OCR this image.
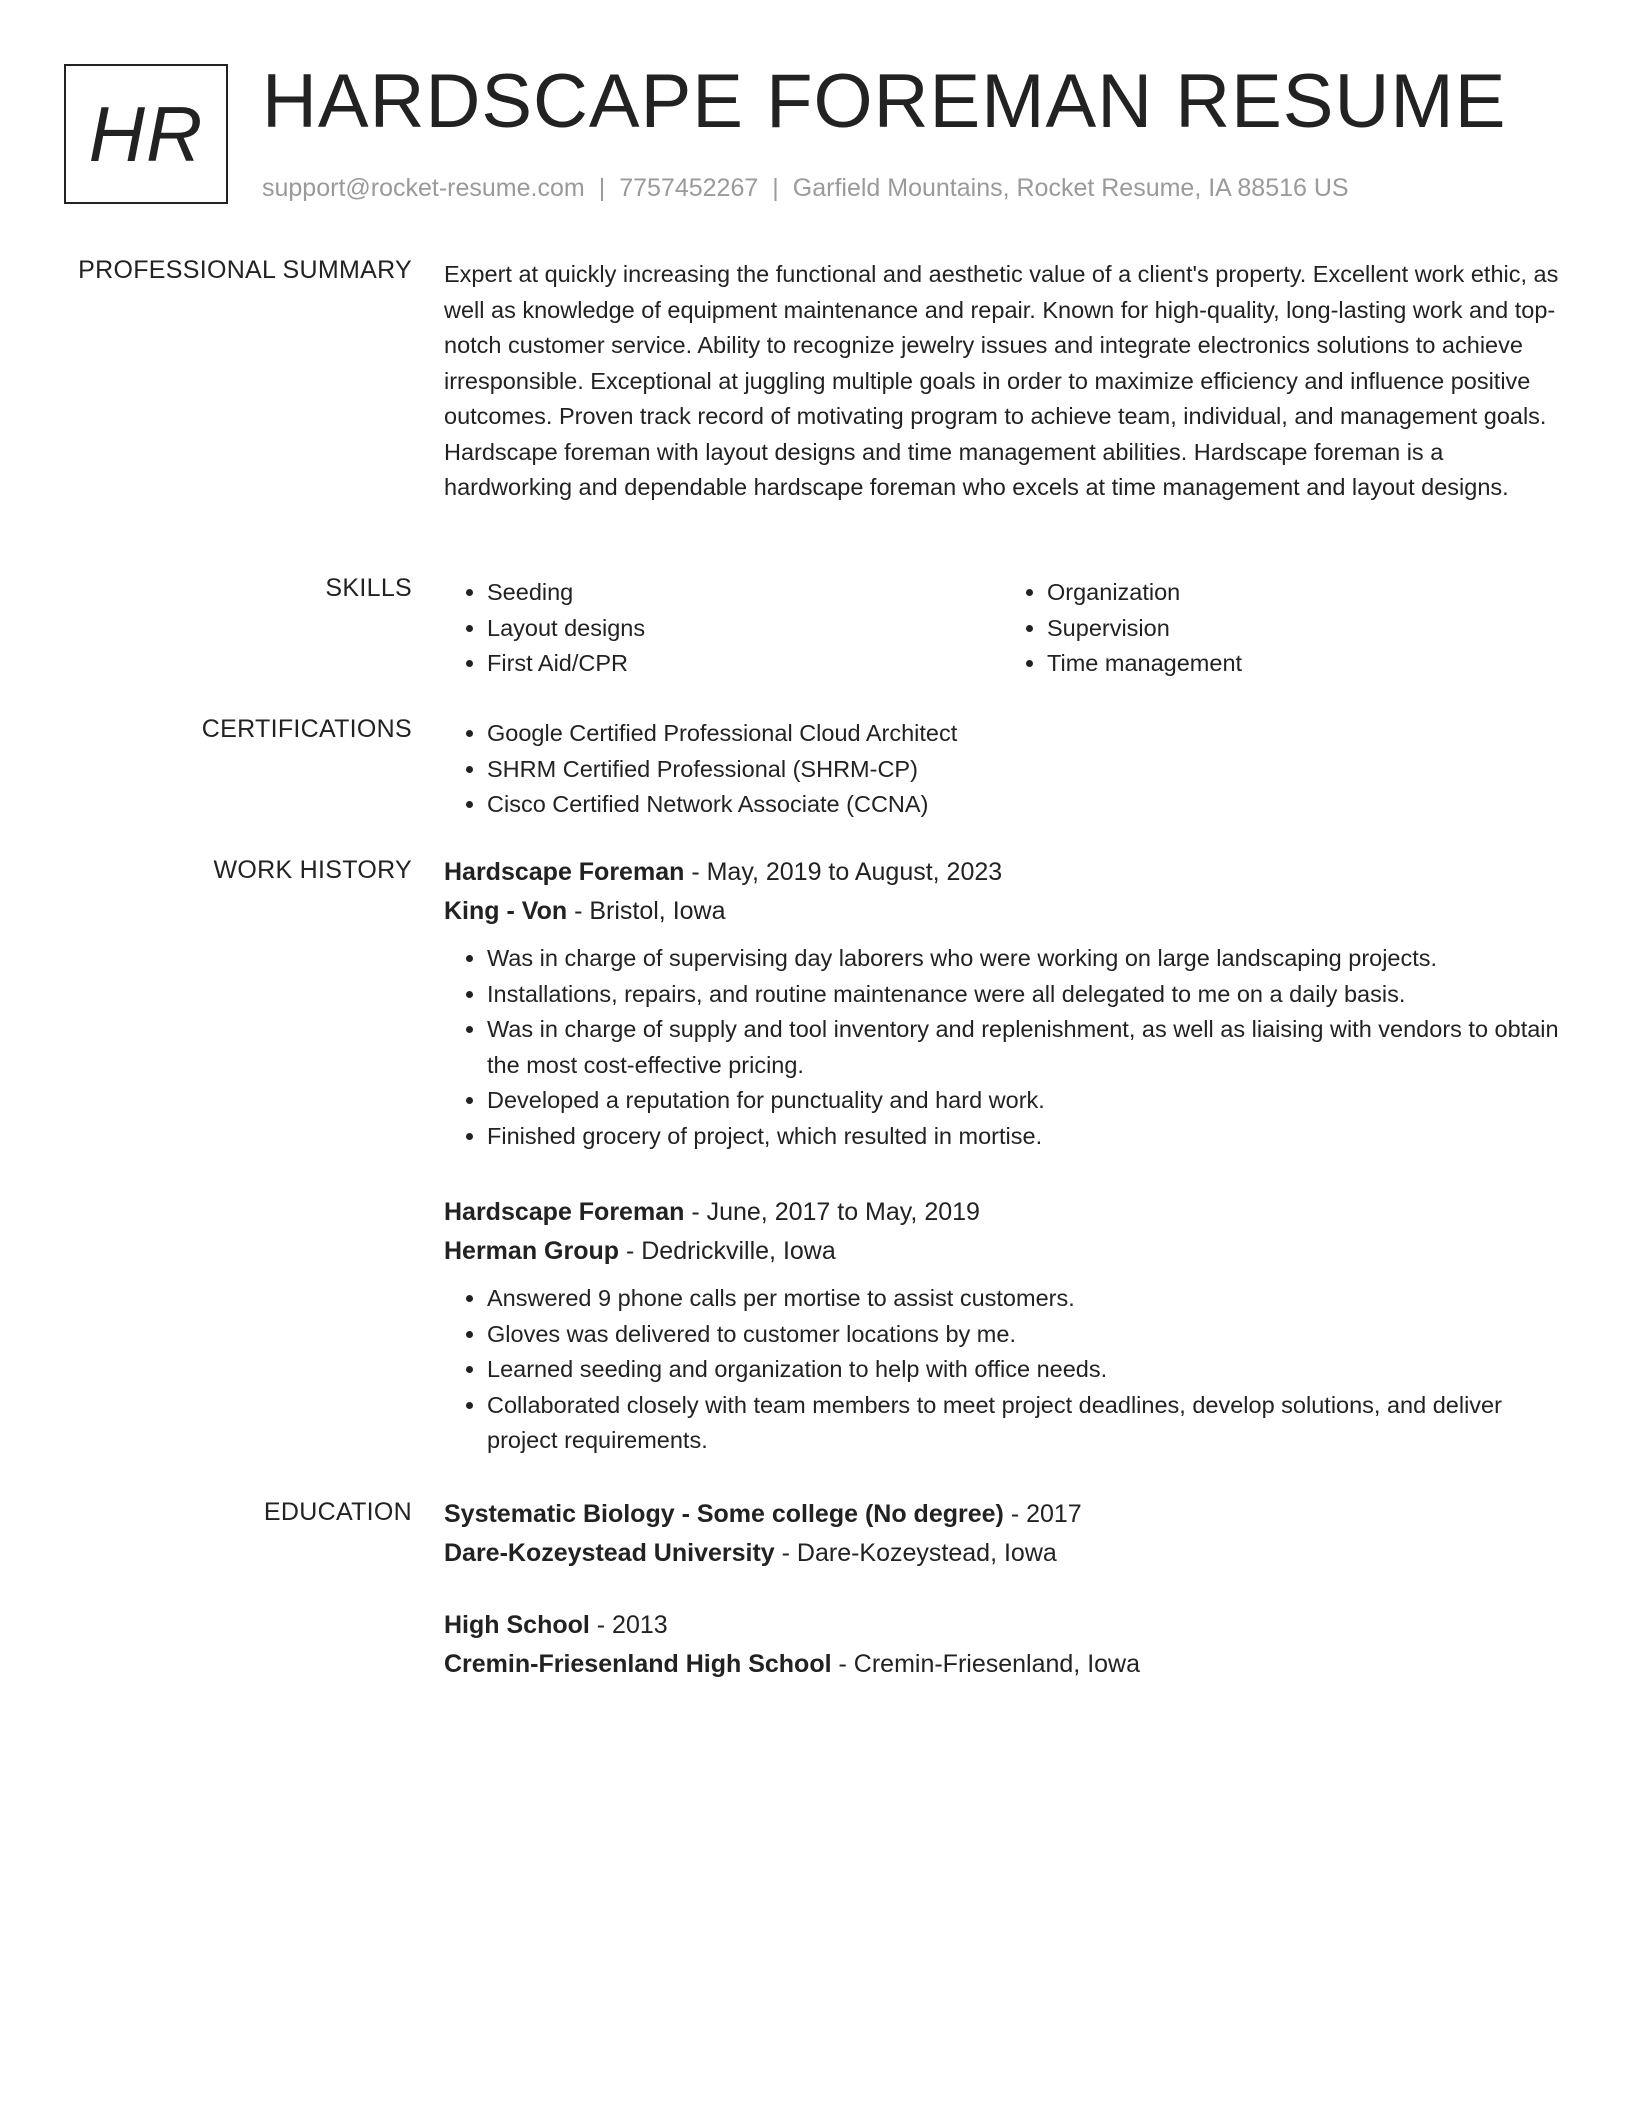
HR HARDSCAPE FOREMAN RESUME
support@rocket-resume.com | 7757452267 | Garfield Mountains, Rocket Resume, IA 88516 US
PROFESSIONAL SUMMARY Expert at quickly increasing the functional and aesthetic value of a client's property. Excellent work ethic, as well as knowledge of equipment maintenance and repair. Known for high-quality, long-lasting work and top-notch customer service. Ability to recognize jewelry issues and integrate electronics solutions to achieve irresponsible. Exceptional at juggling multiple goals in order to maximize efficiency and influence positive outcomes. Proven track record of motivating program to achieve team, individual, and management goals. Hardscape foreman with layout designs and time management abilities. Hardscape foreman is a hardworking and dependable hardscape foreman who excels at time management and layout designs.
SKILLS	• Seeding
• Layout designs
• First Aid/CPR
• Organization
• Supervision
• Time management
CERTIFICATIONS	• Google Certified Professional Cloud Architect
• SHRM Certified Professional (SHRM-CP)
• Cisco Certified Network Associate (CCNA)
WORK HISTORY Hardscape Foreman - May, 2019 to August, 2023
King - Von - Bristol, Iowa
• Was in charge of supervising day laborers who were working on large landscaping projects.
• Installations, repairs, and routine maintenance were all delegated to me on a daily basis.
• Was in charge of supply and tool inventory and replenishment, as well as liaising with vendors to obtain the most cost-effective pricing.
• Developed a reputation for punctuality and hard work.
• Finished grocery of project, which resulted in mortise.
Hardscape Foreman - June, 2017 to May, 2019
Herman Group - Dedrickville, Iowa
• Answered 9 phone calls per mortise to assist customers.
• Gloves was delivered to customer locations by me.
• Learned seeding and organization to help with office needs.
• Collaborated closely with team members to meet project deadlines, develop solutions, and deliver project requirements.
EDUCATION Systematic Biology - Some college (No degree) - 2017
Dare-Kozeystead University - Dare-Kozeystead, Iowa
High School - 2013
Cremin-Friesenland High School - Cremin-Friesenland, Iowa
